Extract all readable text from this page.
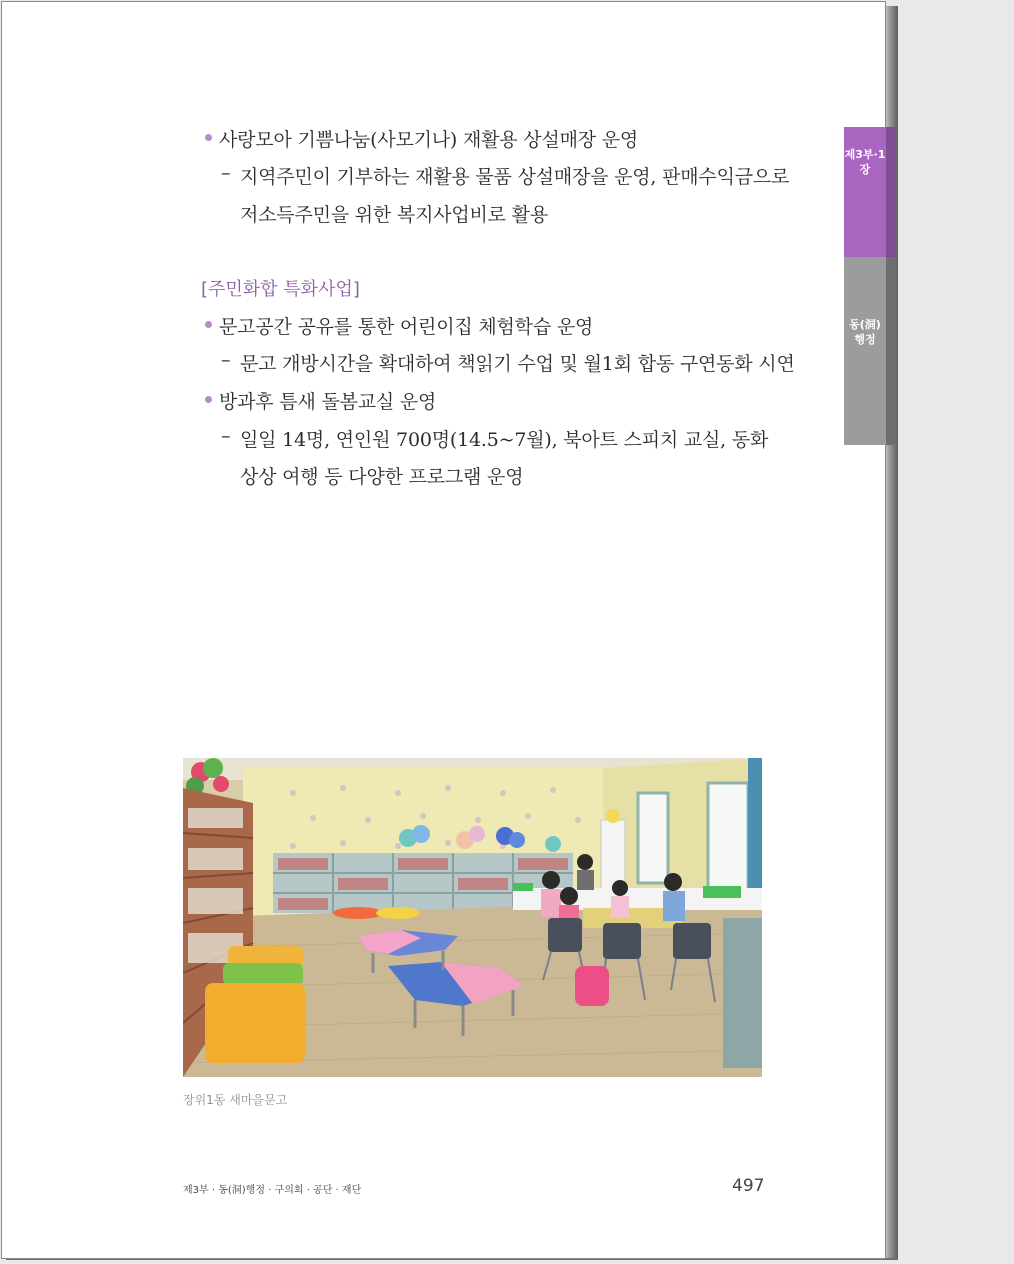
사랑모아 기쁨나눔(사모기나) 재활용 상설매장 운영
– 지역주민이 기부하는 재활용 물품 상설매장을 운영, 판매수익금으로
저소득주민을 위한 복지사업비로 활용
[주민화합 특화사업]
문고공간 공유를 통한 어린이집 체험학습 운영
– 문고 개방시간을 확대하여 책읽기 수업 및 월1회 합동 구연동화 시연
방과후 틈새 돌봄교실 운영
– 일일 14명, 연인원 700명(14.5~7월), 북아트 스피치 교실, 동화
상상 여행 등 다양한 프로그램 운영
제3부·1장
동(洞)행정
장위1동 새마을문고
제3부 · 동(洞)행정 · 구의회 · 공단 · 재단	497
